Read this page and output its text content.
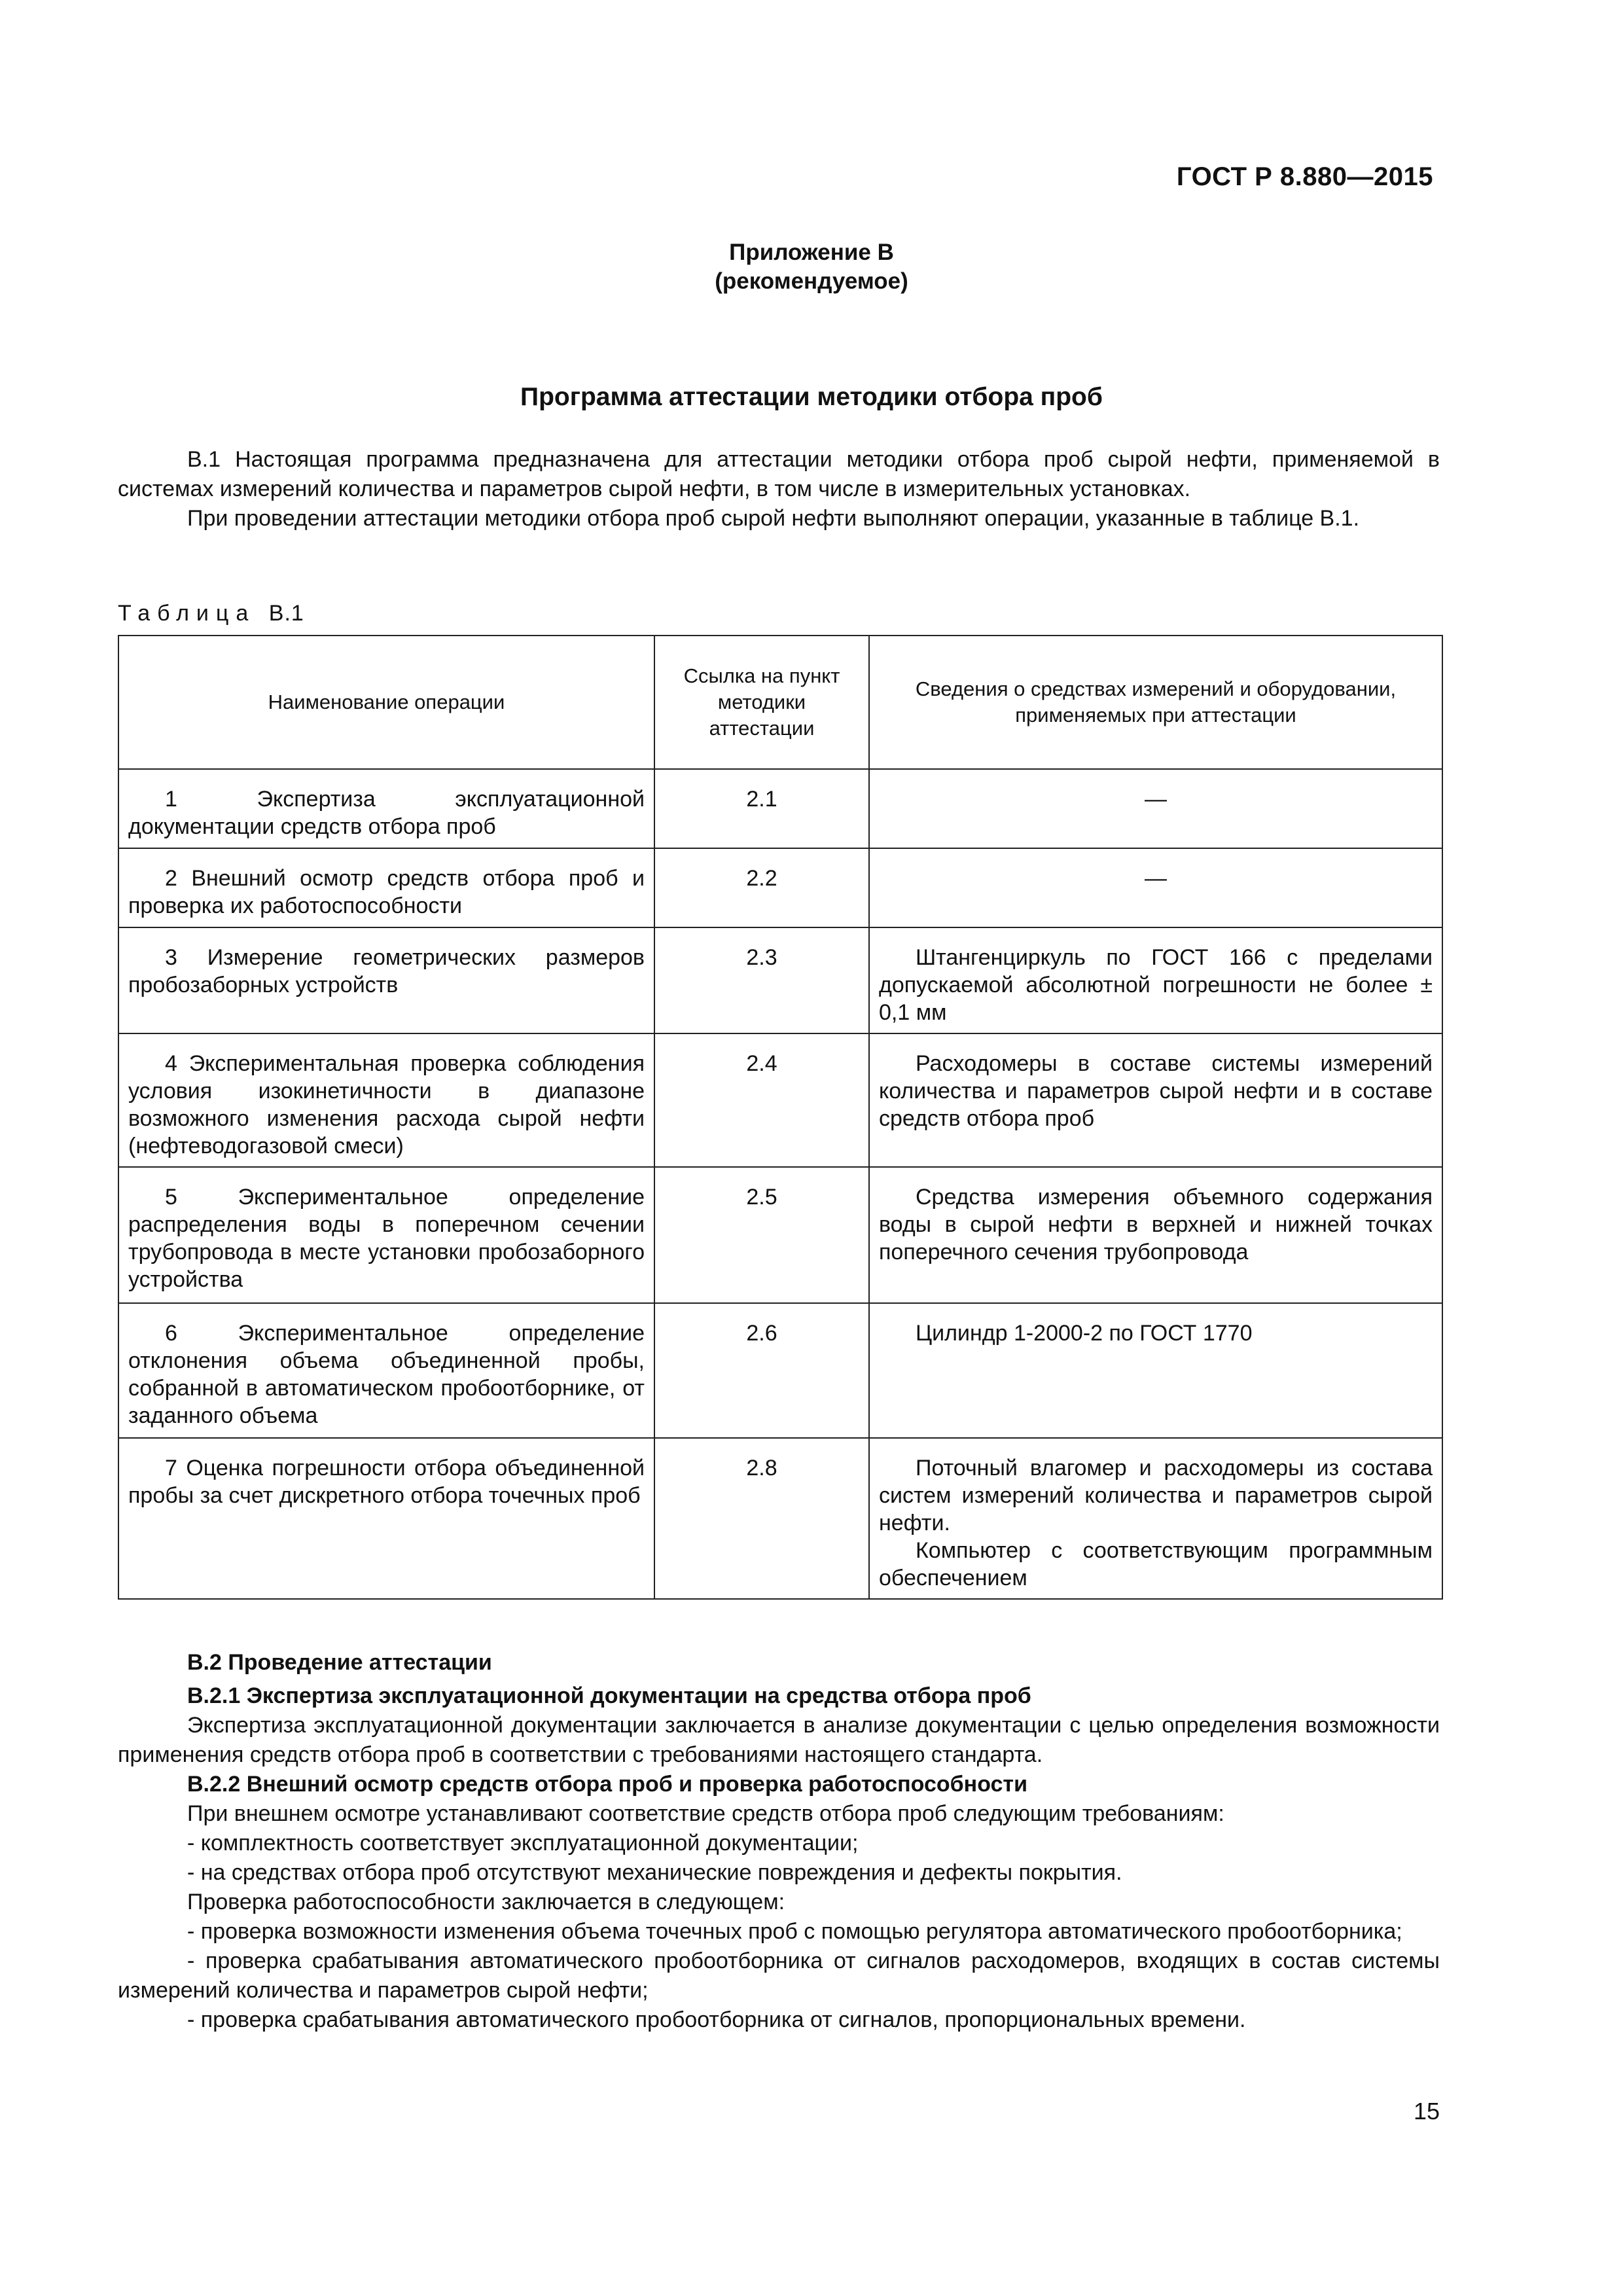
ГОСТ Р 8.880—2015
Приложение В
(рекомендуемое)
Программа аттестации методики отбора проб
В.1 Настоящая программа предназначена для аттестации методики отбора проб сырой нефти, применяемой в системах измерений количества и параметров сырой нефти, в том числе в измерительных установках.
При проведении аттестации методики отбора проб сырой нефти выполняют операции, указанные в таблице В.1.
Таблица В.1
Наименование операции	Ссылка на пункт методики аттестации	Сведения о средствах измерений и оборудовании, применяемых при аттестации
1 Экспертиза эксплуатационной документации средств отбора проб	2.1	—
2 Внешний осмотр средств отбора проб и проверка их работоспособности	2.2	—
3 Измерение геометрических размеров пробозаборных устройств	2.3	Штангенциркуль по ГОСТ 166 с пределами допускаемой абсолютной погрешности не более ± 0,1 мм
4 Экспериментальная проверка соблюдения условия изокинетичности в диапазоне возможного изменения расхода сырой нефти (нефтеводогазовой смеси)	2.4	Расходомеры в составе системы измерений количества и параметров сырой нефти и в составе средств отбора проб
5 Экспериментальное определение распределения воды в поперечном сечении трубопровода в месте установки пробозаборного устройства	2.5	Средства измерения объемного содержания воды в сырой нефти в верхней и нижней точках поперечного сечения трубопровода
6 Экспериментальное определение отклонения объема объединенной пробы, собранной в автоматическом пробоотборнике, от заданного объема	2.6	Цилиндр 1-2000-2 по ГОСТ 1770
7 Оценка погрешности отбора объединенной пробы за счет дискретного отбора точечных проб	2.8	Поточный влагомер и расходомеры из состава систем измерений количества и параметров сырой нефти.
Компьютер с соответствующим программным обеспечением

В.2 Проведение аттестации

В.2.1 Экспертиза эксплуатационной документации на средства отбора проб

Экспертиза эксплуатационной документации заключается в анализе документации с целью определения возможности применения средств отбора проб в соответствии с требованиями настоящего стандарта.

В.2.2 Внешний осмотр средств отбора проб и проверка работоспособности

При внешнем осмотре устанавливают соответствие средств отбора проб следующим требованиям:

- комплектность соответствует эксплуатационной документации;

- на средствах отбора проб отсутствуют механические повреждения и дефекты покрытия.

Проверка работоспособности заключается в следующем:

- проверка возможности изменения объема точечных проб с помощью регулятора автоматического пробоотборника;

- проверка срабатывания автоматического пробоотборника от сигналов расходомеров, входящих в состав системы измерений количества и параметров сырой нефти;

- проверка срабатывания автоматического пробоотборника от сигналов, пропорциональных времени.

15
